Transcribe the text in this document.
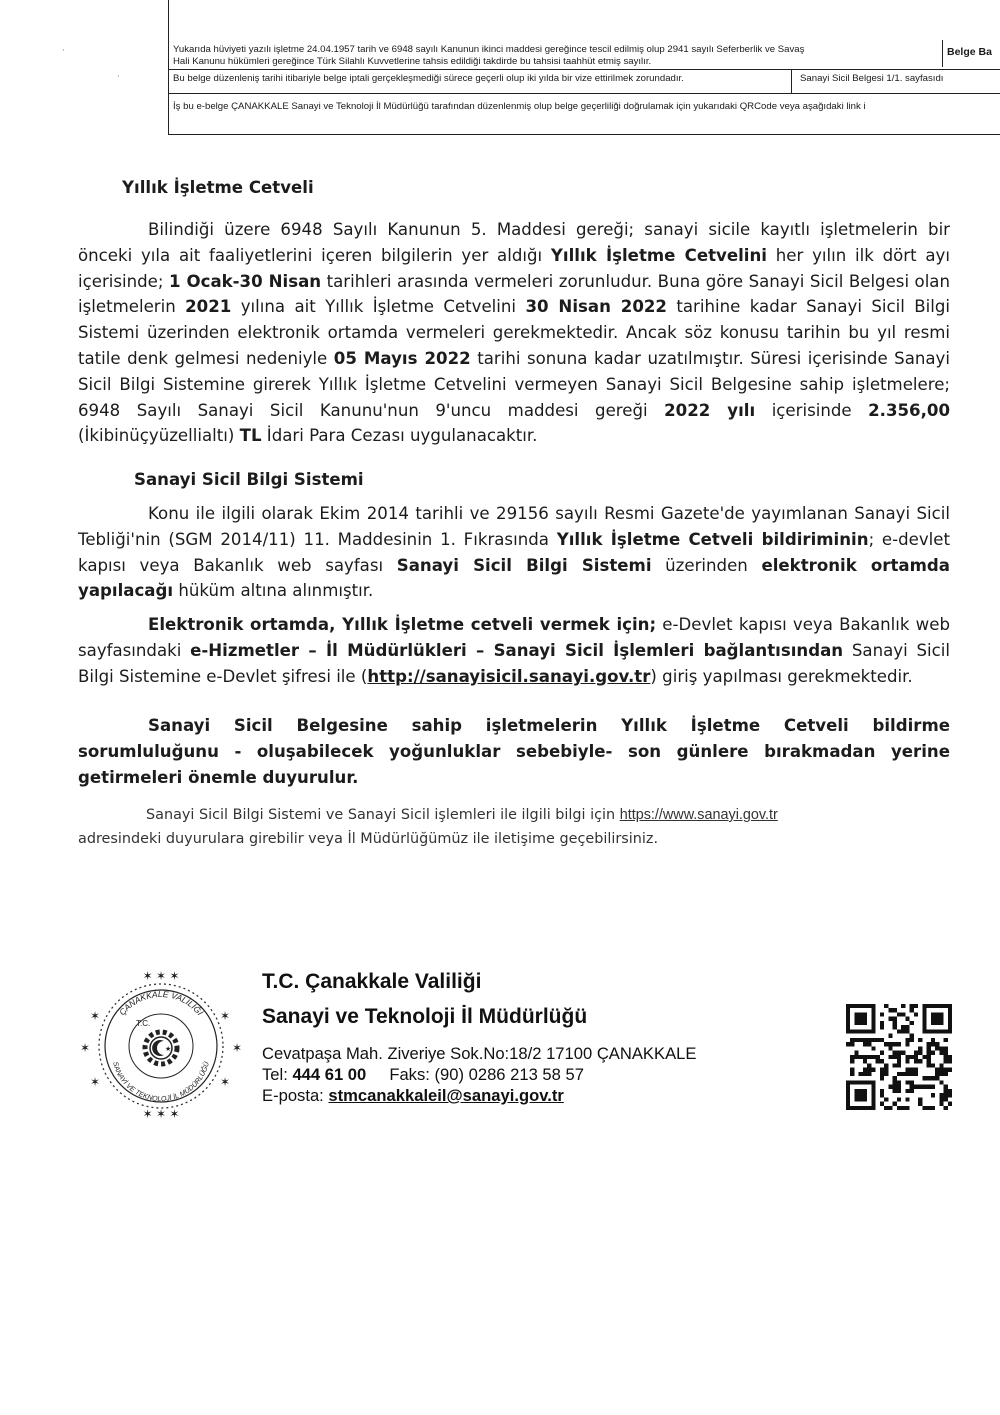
Yukarıda hüviyeti yazılı işletme 24.04.1957 tarih ve 6948 sayılı Kanunun ikinci maddesi gereğince tescil edilmiş olup 2941 sayılı Seferberlik ve Savaş
Hali Kanunu hükümleri gereğince Türk Silahlı Kuvvetlerine tahsis edildiği takdirde bu tahsisi taahhüt etmiş sayılır.
Belge Ba
Bu belge düzenleniş tarihi itibariyle belge iptali gerçekleşmediği sürece geçerli olup iki yılda bir vize ettirilmek zorundadır.	Sanayi Sicil Belgesi 1/1. sayfasıdı
İş bu e-belge ÇANAKKALE Sanayi ve Teknoloji İl Müdürlüğü tarafından düzenlenmiş olup belge geçerliliği doğrulamak için yukarıdaki QRCode veya aşağıdaki link i
·
·
Yıllık İşletme Cetveli

Bilindiği üzere 6948 Sayılı Kanunun 5. Maddesi gereği; sanayi sicile kayıtlı işletmelerin bir önceki yıla ait faaliyetlerini içeren bilgilerin yer aldığı Yıllık İşletme Cetvelini her yılın ilk dört ayı içerisinde; 1 Ocak-30 Nisan tarihleri arasında vermeleri zorunludur. Buna göre Sanayi Sicil Belgesi olan işletmelerin 2021 yılına ait Yıllık İşletme Cetvelini 30 Nisan 2022 tarihine kadar Sanayi Sicil Bilgi Sistemi üzerinden elektronik ortamda vermeleri gerekmektedir. Ancak söz konusu tarihin bu yıl resmi tatile denk gelmesi nedeniyle 05 Mayıs 2022 tarihi sonuna kadar uzatılmıştır. Süresi içerisinde Sanayi Sicil Bilgi Sistemine girerek Yıllık İşletme Cetvelini vermeyen Sanayi Sicil Belgesine sahip işletmelere; 6948 Sayılı Sanayi Sicil Kanunu'nun 9'uncu maddesi gereği 2022 yılı içerisinde 2.356,00 (İkibinüçyüzellialtı) TL İdari Para Cezası uygulanacaktır.

Sanayi Sicil Bilgi Sistemi

Konu ile ilgili olarak Ekim 2014 tarihli ve 29156 sayılı Resmi Gazete'de yayımlanan Sanayi Sicil Tebliği'nin (SGM 2014/11) 11. Maddesinin 1. Fıkrasında Yıllık İşletme Cetveli bildiriminin; e-devlet kapısı veya Bakanlık web sayfası Sanayi Sicil Bilgi Sistemi üzerinden elektronik ortamda yapılacağı hüküm altına alınmıştır.

Elektronik ortamda, Yıllık İşletme cetveli vermek için; e-Devlet kapısı veya Bakanlık web sayfasındaki e-Hizmetler – İl Müdürlükleri – Sanayi Sicil İşlemleri bağlantısından Sanayi Sicil Bilgi Sistemine e-Devlet şifresi ile (http://sanayisicil.sanayi.gov.tr) giriş yapılması gerekmektedir.

Sanayi Sicil Belgesine sahip işletmelerin Yıllık İşletme Cetveli bildirme sorumluluğunu - oluşabilecek yoğunluklar sebebiyle- son günlere bırakmadan yerine getirmeleri önemle duyurulur.

Sanayi Sicil Bilgi Sistemi ve Sanayi Sicil işlemleri ile ilgili bilgi için https://www.sanayi.gov.tr
adresindeki duyurulara girebilir veya İl Müdürlüğümüz ile iletişime geçebilirsiniz.
✶ ✶ ✶
✶	✶
✶	✶
✶	✶
✶ ✶ ✶
ÇANAKKALE VALİLİĞİ
SANAYİ VE TEKNOLOJİ İL MÜDÜRLÜĞÜ
T.C.
★
T.C. Çanakkale Valiliği
Sanayi ve Teknoloji İl Müdürlüğü
Cevatpaşa Mah. Ziveriye Sok.No:18/2 17100 ÇANAKKALE
Tel: 444 61 00     Faks: (90) 0286 213 58 57
E-posta: stmcanakkaleil@sanayi.gov.tr
